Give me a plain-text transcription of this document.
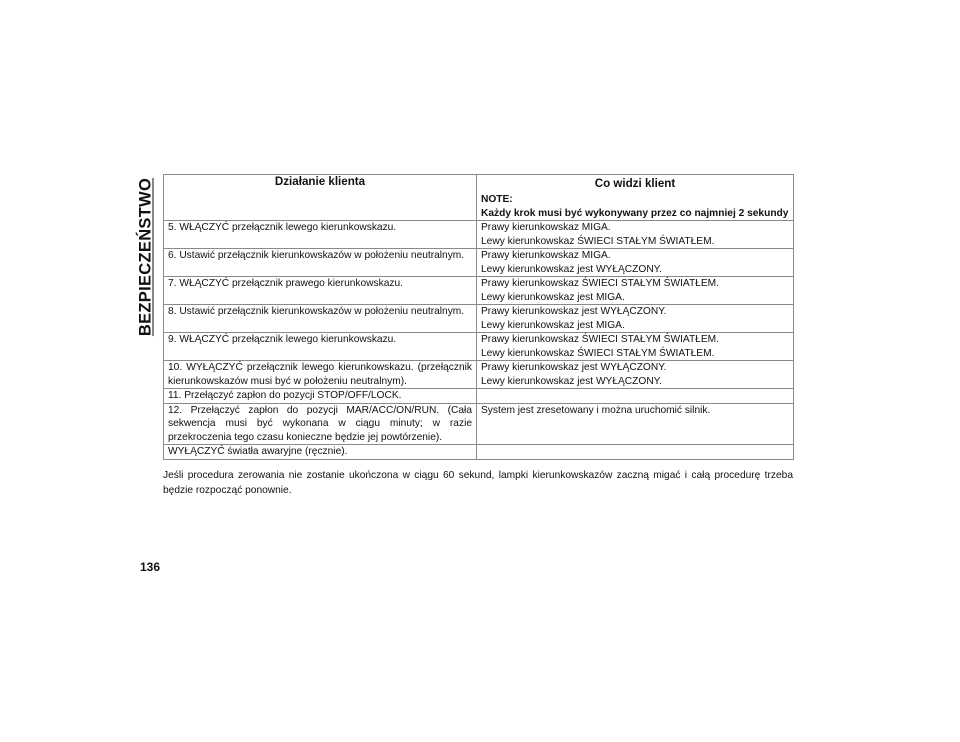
BEZPIECZEŃSTWO	Działanie klienta	Co widzi klient
NOTE:
Każdy krok musi być wykonywany przez co najmniej 2 sekundy

5. WŁĄCZYĆ przełącznik lewego kierunkowskazu.	Prawy kierunkowskaz MIGA.
Lewy kierunkowskaz ŚWIECI STAŁYM ŚWIATŁEM.

6. Ustawić przełącznik kierunkowskazów w położeniu neutralnym.	Prawy kierunkowskaz MIGA.
Lewy kierunkowskaz jest WYŁĄCZONY.

7. WŁĄCZYĆ przełącznik prawego kierunkowskazu.	Prawy kierunkowskaz ŚWIECI STAŁYM ŚWIATŁEM.
Lewy kierunkowskaz jest MIGA.

8. Ustawić przełącznik kierunkowskazów w położeniu neutralnym.	Prawy kierunkowskaz jest WYŁĄCZONY.
Lewy kierunkowskaz jest MIGA.

9. WŁĄCZYĆ przełącznik lewego kierunkowskazu.	Prawy kierunkowskaz ŚWIECI STAŁYM ŚWIATŁEM.
Lewy kierunkowskaz ŚWIECI STAŁYM ŚWIATŁEM.

10. WYŁĄCZYĆ przełącznik lewego kierunkowskazu. (przełącznik kierunkowskazów musi być w położeniu neutralnym).	Prawy kierunkowskaz jest WYŁĄCZONY.
Lewy kierunkowskaz jest WYŁĄCZONY.

11. Przełączyć zapłon do pozycji STOP/OFF/LOCK.	
12. Przełączyć zapłon do pozycji MAR/ACC/ON/RUN. (Cała sekwencja musi być wykonana w ciągu minuty; w razie przekroczenia tego czasu konieczne będzie jej powtórzenie).	System jest zresetowany i można uruchomić silnik.

WYŁĄCZYĆ światła awaryjne (ręcznie).	
Jeśli procedura zerowania nie zostanie ukończona w ciągu 60 sekund, lampki kierunkowskazów zaczną migać i całą procedurę trzeba będzie rozpocząć ponownie.
136
